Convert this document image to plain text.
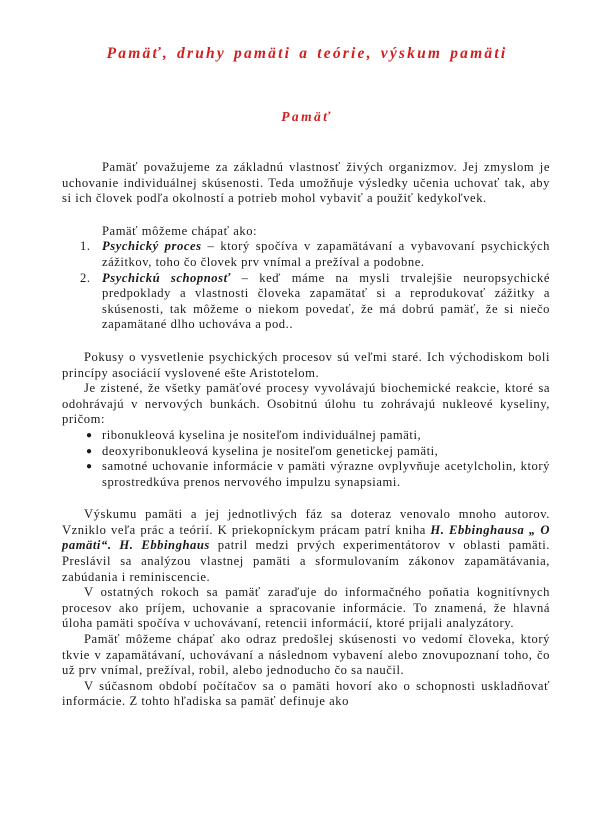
Pamäť, druhy pamäti a teórie, výskum pamäti
Pamäť

Pamäť považujeme za základnú vlastnosť živých organizmov. Jej zmyslom je uchovanie individuálnej skúsenosti. Teda umožňuje výsledky učenia uchovať tak, aby si ich človek podľa okolností a potrieb mohol vybaviť a použiť kedykoľvek.

Pamäť môžeme chápať ako:

1. Psychický proces – ktorý spočíva v zapamätávaní a vybavovaní psychických zážitkov, toho čo človek prv vnímal a prežíval a podobne.
2. Psychickú schopnosť – keď máme na mysli trvalejšie neuropsychické predpoklady a vlastnosti človeka zapamätať si a reprodukovať zážitky a skúsenosti, tak môžeme o niekom povedať, že má dobrú pamäť, že si niečo zapamätané dlho uchováva a pod..

Pokusy o vysvetlenie psychických procesov sú veľmi staré. Ich východiskom boli princípy asociácií vyslovené ešte Aristotelom.

Je zistené, že všetky pamäťové procesy vyvolávajú biochemické reakcie, ktoré sa odohrávajú v nervových bunkách. Osobitnú úlohu tu zohrávajú nukleové kyseliny, pričom:

● ribonukleová kyselina je nositeľom individuálnej pamäti,
● deoxyribonukleová kyselina je nositeľom genetickej pamäti,
● samotné uchovanie informácie v pamäti výrazne ovplyvňuje acetylcholin, ktorý sprostredkúva prenos nervového impulzu synapsiami.

Výskumu pamäti a jej jednotlivých fáz sa doteraz venovalo mnoho autorov. Vzniklo veľa prác a teórií. K priekopníckym prácam patrí kniha H. Ebbinghausa „ O pamäti“. H. Ebbinghaus patril medzi prvých experimentátorov v oblasti pamäti. Preslávil sa analýzou vlastnej pamäti a sformulovaním zákonov zapamätávania, zabúdania i reminiscencie.

V ostatných rokoch sa pamäť zaraďuje do informačného poňatia kognitívnych procesov ako príjem, uchovanie a spracovanie informácie. To znamená, že hlavná úloha pamäti spočíva v uchovávaní, retencii informácií, ktoré prijali analyzátory.

Pamäť môžeme chápať ako odraz predošlej skúsenosti vo vedomí človeka, ktorý tkvie v zapamätávaní, uchovávaní a následnom vybavení alebo znovupoznaní toho, čo už prv vnímal, prežíval, robil, alebo jednoducho čo sa naučil.

V súčasnom období počítačov sa o pamäti hovorí ako o schopnosti uskladňovať informácie. Z tohto hľadiska sa pamäť definuje ako
